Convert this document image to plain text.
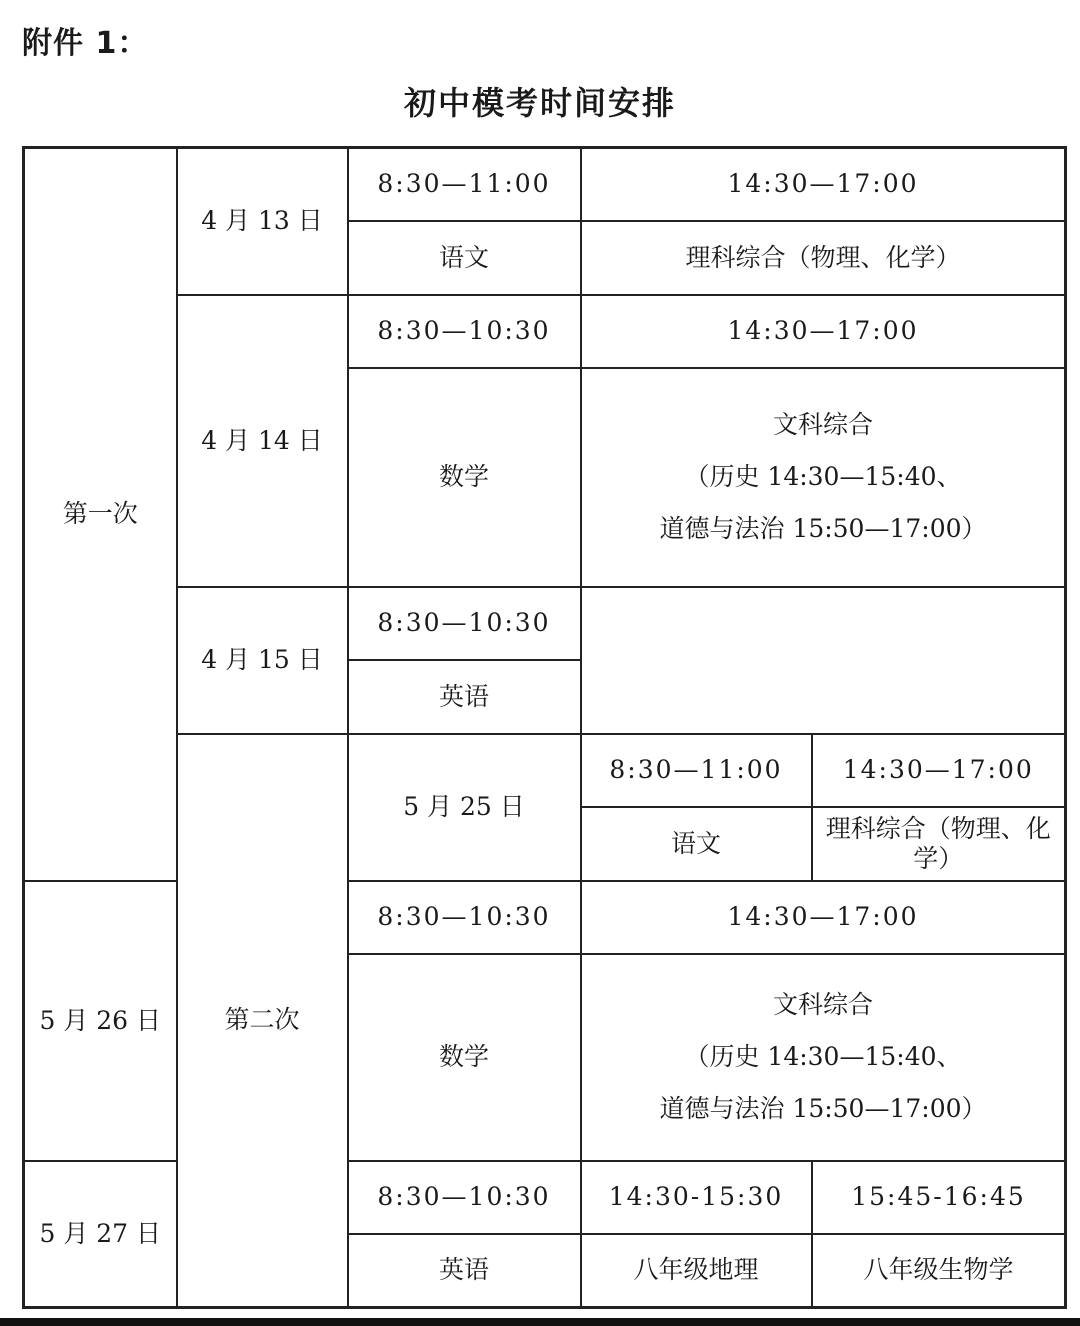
附件 1：
初中模考时间安排
第一次	4 月 13 日	8:30—11:00	14:30—17:00	
		语文	理科综合（物理、化学）	
	4 月 14 日	8:30—10:30	14:30—17:00	
		数学	文科综合
（历史 14:30—15:40、
道德与法治 15:50—17:00）	

	4 月 15 日	8:30—10:30		
		英语		
	第二次	5 月 25 日	8:30—11:00	14:30—17:00
			语文	理科综合（物理、化学）
5 月 26 日		8:30—10:30	14:30—17:00	
		数学	文科综合
（历史 14:30—15:40、
道德与法治 15:50—17:00）	

5 月 27 日		8:30—10:30	14:30-15:30	15:45-16:45
		英语	八年级地理	八年级生物学
